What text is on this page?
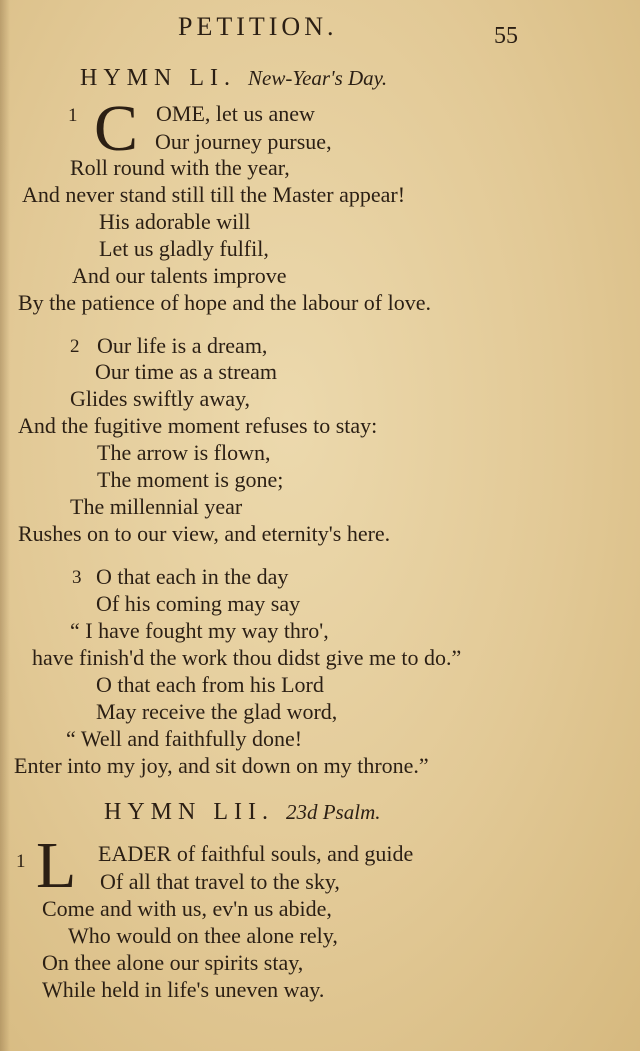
PETITION.	55
HYMN LI. New-Year's Day.
1 C OME, let us anew
Our journey pursue,
Roll round with the year,
And never stand still till the Master appear!
His adorable will
Let us gladly fulfil,
And our talents improve
By the patience of hope and the labour of love.
2 Our life is a dream,
Our time as a stream
Glides swiftly away,
And the fugitive moment refuses to stay:
The arrow is flown,
The moment is gone;
The millennial year
Rushes on to our view, and eternity's here.
3 O that each in the day
Of his coming may say
“ I have fought my way thro',
have finish'd the work thou didst give me to do.”
O that each from his Lord
May receive the glad word,
“ Well and faithfully done!
Enter into my joy, and sit down on my throne.”
HYMN LII. 23d Psalm.
1 L EADER of faithful souls, and guide
Of all that travel to the sky,
Come and with us, ev'n us abide,
Who would on thee alone rely,
On thee alone our spirits stay,
While held in life's uneven way.
